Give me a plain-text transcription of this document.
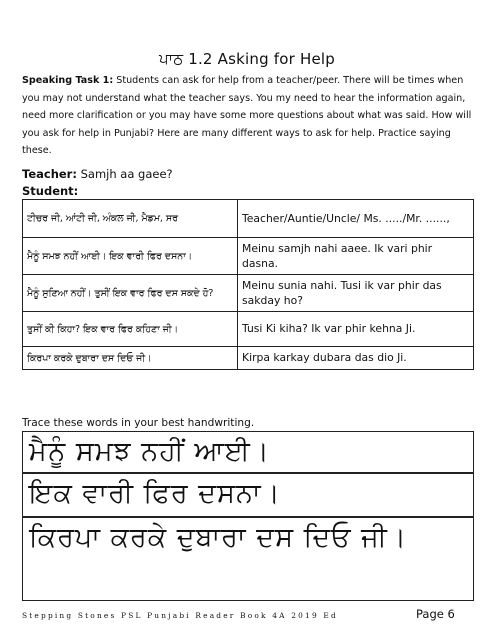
ਪਾਠ 1.2 Asking for Help
Speaking Task 1: Students can ask for help from a teacher/peer. There will be times when you may not understand what the teacher says. You my need to hear the information again, need more clarification or you may have some more questions about what was said. How will you ask for help in Punjabi? Here are many different ways to ask for help. Practice saying these.
Teacher: Samjh aa gaee?
Student:
ਟੀਚਰ ਜੀ, ਆਂਟੀ ਜੀ, ਅੰਕਲ ਜੀ, ਮੈਡਮ, ਸਰ	Teacher/Auntie/Uncle/ Ms. ...../Mr. ......,
ਮੈਨੂੰ ਸਮਝ ਨਹੀਂ ਆਈ। ਇਕ ਵਾਰੀ ਫਿਰ ਦਸਨਾ।	Meinu samjh nahi aaee. Ik vari phir dasna.
ਮੈਨੂੰ ਸੁਣਿਆ ਨਹੀਂ। ਤੁਸੀਂ ਇਕ ਵਾਰ ਫਿਰ ਦਸ ਸਕਦੇ ਹੋ?	Meinu sunia nahi. Tusi ik var phir das sakday ho?
ਤੁਸੀਂ ਕੀ ਕਿਹਾ? ਇਕ ਵਾਰ ਫਿਰ ਕਹਿਣਾ ਜੀ।	Tusi Ki kiha? Ik var phir kehna Ji.
ਕਿਰਪਾ ਕਰਕੇ ਦੁਬਾਰਾ ਦਸ ਦਿਓ ਜੀ।	Kirpa karkay dubara das dio Ji.
Trace these words in your best handwriting.
ਮੈਨੂੰ ਸਮਝ ਨਹੀਂ ਆਈ।
ਇਕ ਵਾਰੀ ਫਿਰ ਦਸਨਾ।
ਕਿਰਪਾ ਕਰਕੇ ਦੁਬਾਰਾ ਦਸ ਦਿਓ ਜੀ।
Stepping Stones PSL Punjabi Reader Book 4A 2019 Ed	Page 6
